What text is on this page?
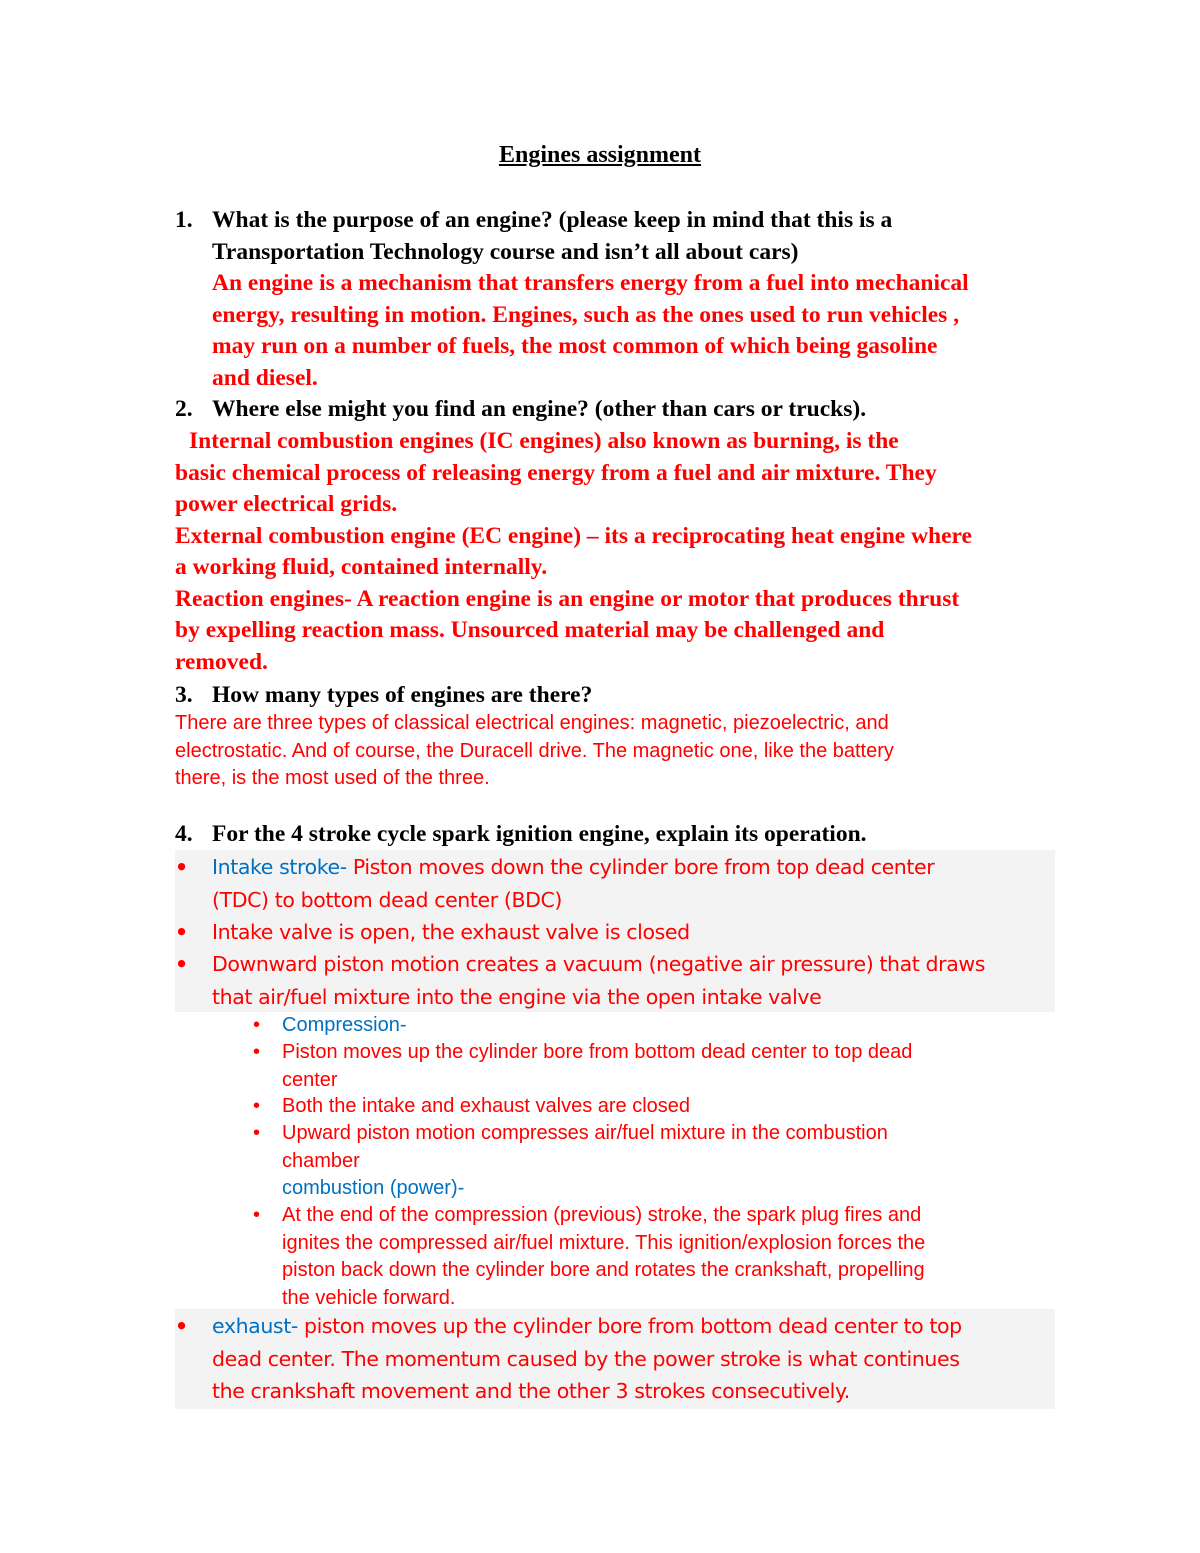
Engines assignment
1. What is the purpose of an engine? (please keep in mind that this is a
Transportation Technology course and isn’t all about cars)
An engine is a mechanism that transfers energy from a fuel into mechanical
energy, resulting in motion. Engines, such as the ones used to run vehicles ,
may run on a number of fuels, the most common of which being gasoline
and diesel.
2. Where else might you find an engine? (other than cars or trucks).
Internal combustion engines (IC engines) also known as burning, is the
basic chemical process of releasing energy from a fuel and air mixture. They
power electrical grids.
External combustion engine (EC engine) – its a reciprocating heat engine where
a working fluid, contained internally.
Reaction engines- A reaction engine is an engine or motor that produces thrust
by expelling reaction mass. Unsourced material may be challenged and
removed.
3. How many types of engines are there?
There are three types of classical electrical engines: magnetic, piezoelectric, and
electrostatic. And of course, the Duracell drive. The magnetic one, like the battery
there, is the most used of the three.
4. For the 4 stroke cycle spark ignition engine, explain its operation.
• Intake stroke- Piston moves down the cylinder bore from top dead center
(TDC) to bottom dead center (BDC)
• Intake valve is open, the exhaust valve is closed
• Downward piston motion creates a vacuum (negative air pressure) that draws
that air/fuel mixture into the engine via the open intake valve
• Compression-
• Piston moves up the cylinder bore from bottom dead center to top dead
center
• Both the intake and exhaust valves are closed
• Upward piston motion compresses air/fuel mixture in the combustion
chamber
combustion (power)-
• At the end of the compression (previous) stroke, the spark plug fires and
ignites the compressed air/fuel mixture. This ignition/explosion forces the
piston back down the cylinder bore and rotates the crankshaft, propelling
the vehicle forward.
• exhaust- piston moves up the cylinder bore from bottom dead center to top
dead center. The momentum caused by the power stroke is what continues
the crankshaft movement and the other 3 strokes consecutively.
